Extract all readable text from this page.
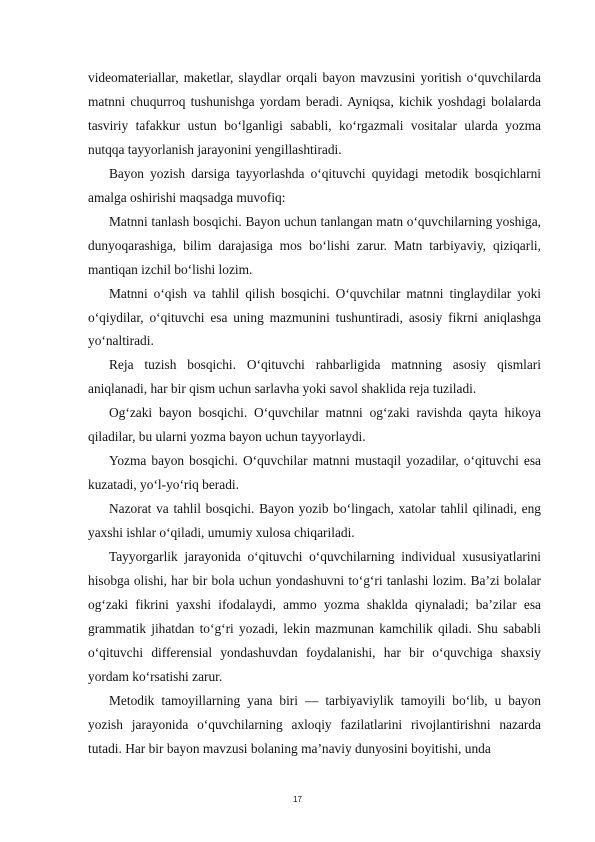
videomateriallar, maketlar, slaydlar orqali bayon mavzusini yoritish o‘quvchilarda matnni chuqurroq tushunishga yordam beradi. Ayniqsa, kichik yoshdagi bolalarda tasviriy tafakkur ustun bo‘lganligi sababli, ko‘rgazmali vositalar ularda yozma nutqqa tayyorlanish jarayonini yengillashtiradi.

Bayon yozish darsiga tayyorlashda o‘qituvchi quyidagi metodik bosqichlarni amalga oshirishi maqsadga muvofiq:

Matnni tanlash bosqichi. Bayon uchun tanlangan matn o‘quvchilarning yoshiga, dunyoqarashiga, bilim darajasiga mos bo‘lishi zarur. Matn tarbiyaviy, qiziqarli, mantiqan izchil bo‘lishi lozim.

Matnni o‘qish va tahlil qilish bosqichi. O‘quvchilar matnni tinglaydilar yoki o‘qiydilar, o‘qituvchi esa uning mazmunini tushuntiradi, asosiy fikrni aniqlashga yo‘naltiradi.

Reja tuzish bosqichi. O‘qituvchi rahbarligida matnning asosiy qismlari aniqlanadi, har bir qism uchun sarlavha yoki savol shaklida reja tuziladi.

Og‘zaki bayon bosqichi. O‘quvchilar matnni og‘zaki ravishda qayta hikoya qiladilar, bu ularni yozma bayon uchun tayyorlaydi.

Yozma bayon bosqichi. O‘quvchilar matnni mustaqil yozadilar, o‘qituvchi esa kuzatadi, yo‘l-yo‘riq beradi.

Nazorat va tahlil bosqichi. Bayon yozib bo‘lingach, xatolar tahlil qilinadi, eng yaxshi ishlar o‘qiladi, umumiy xulosa chiqariladi.

Tayyorgarlik jarayonida o‘qituvchi o‘quvchilarning individual xususiyatlarini hisobga olishi, har bir bola uchun yondashuvni to‘g‘ri tanlashi lozim. Ba’zi bolalar og‘zaki fikrini yaxshi ifodalaydi, ammo yozma shaklda qiynaladi; ba’zilar esa grammatik jihatdan to‘g‘ri yozadi, lekin mazmunan kamchilik qiladi. Shu sababli o‘qituvchi differensial yondashuvdan foydalanishi, har bir o‘quvchiga shaxsiy yordam ko‘rsatishi zarur.

Metodik tamoyillarning yana biri — tarbiyaviylik tamoyili bo‘lib, u bayon yozish jarayonida o‘quvchilarning axloqiy fazilatlarini rivojlantirishni nazarda tutadi. Har bir bayon mavzusi bolaning ma’naviy dunyosini boyitishi, unda

17
